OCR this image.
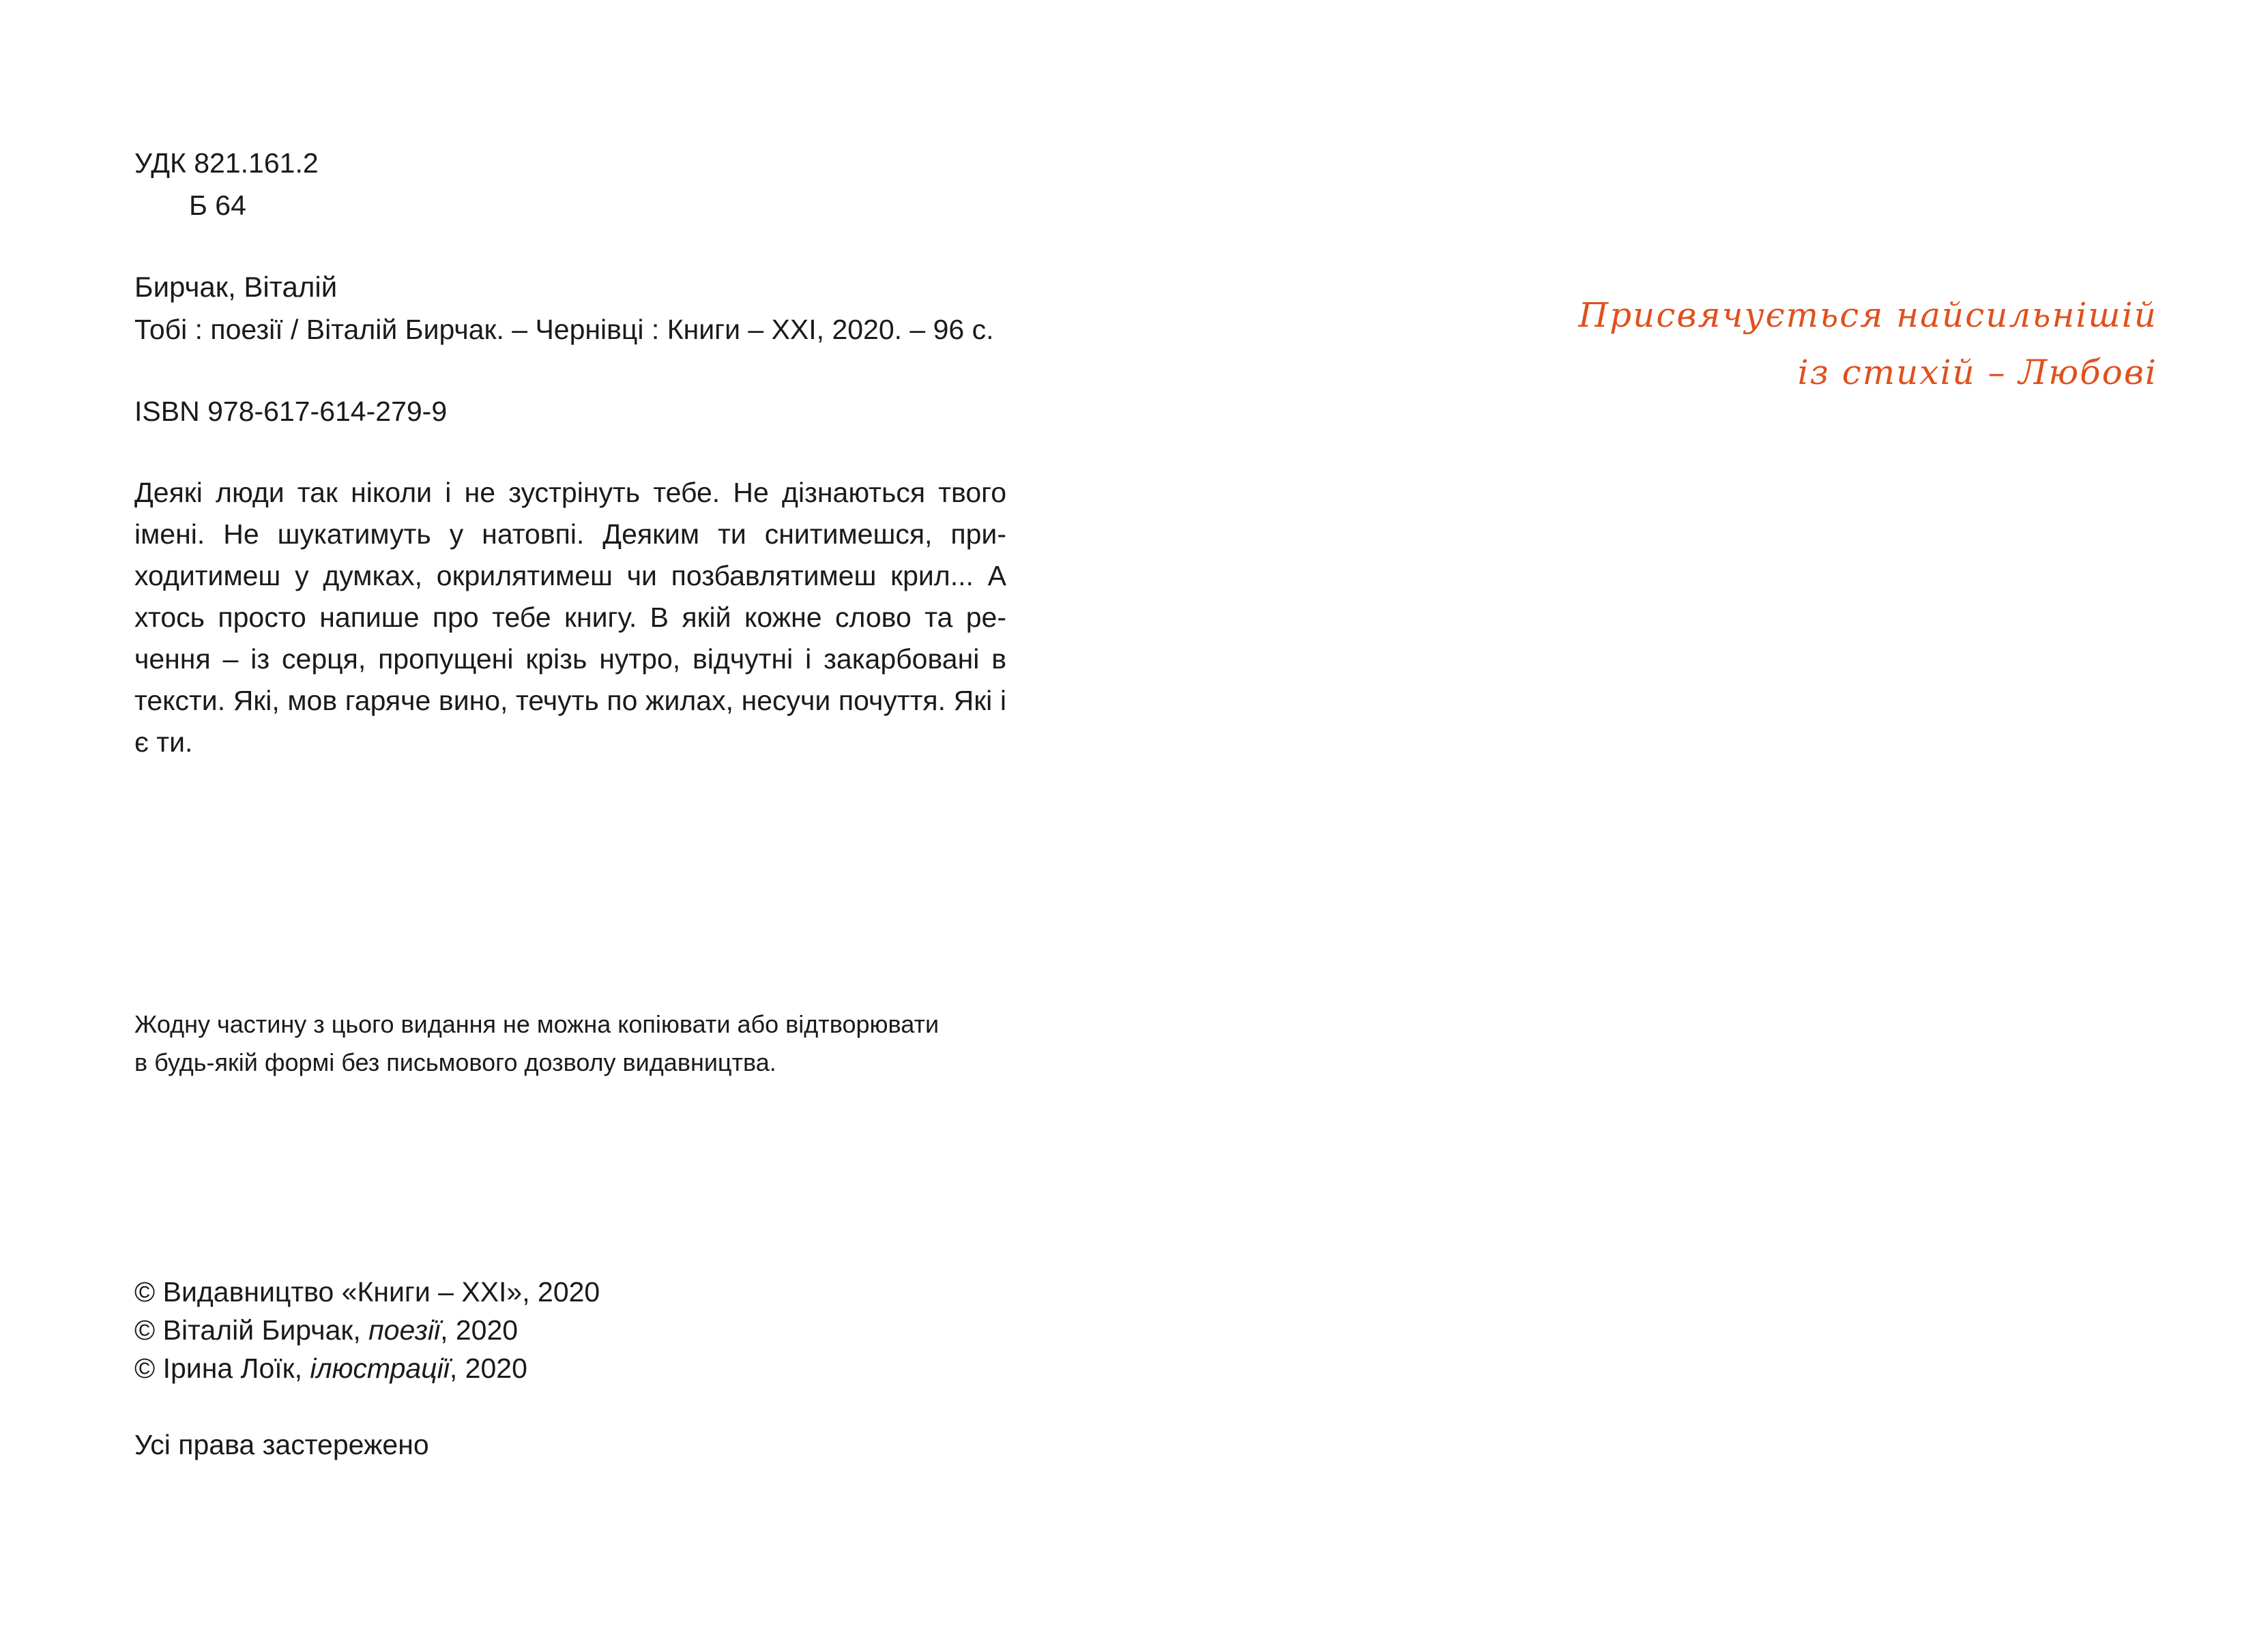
УДК 821.161.2
Б 64
Бирчак, Віталій
Тобі : поезії / Віталій Бирчак. – Чернівці : Книги – ХХІ, 2020. – 96 с.
ISBN 978-617-614-279-9
Деякі люди так ніколи і не зустрінуть тебе. Не дізнаються твого імені. Не шукатимуть у натовпі. Деяким ти снитимешся, приходитимеш у думках, окрилятимеш чи позбавлятимеш крил... А хтось просто напише про тебе книгу. В якій кожне слово та речення – із серця, пропущені крізь нутро, відчутні і закарбовані в тексти. Які, мов гаряче вино, течуть по жилах, несучи почуття. Які і є ти.
Жодну частину з цього видання не можна копіювати або відтворювати
в будь-якій формі без письмового дозволу видавництва.
© Видавництво «Книги – ХХІ», 2020
© Віталій Бирчак, поезії, 2020
© Ірина Лоїк, ілюстрації, 2020
Усі права застережено
Присвячується найсильнішій
із стихій – Любові
